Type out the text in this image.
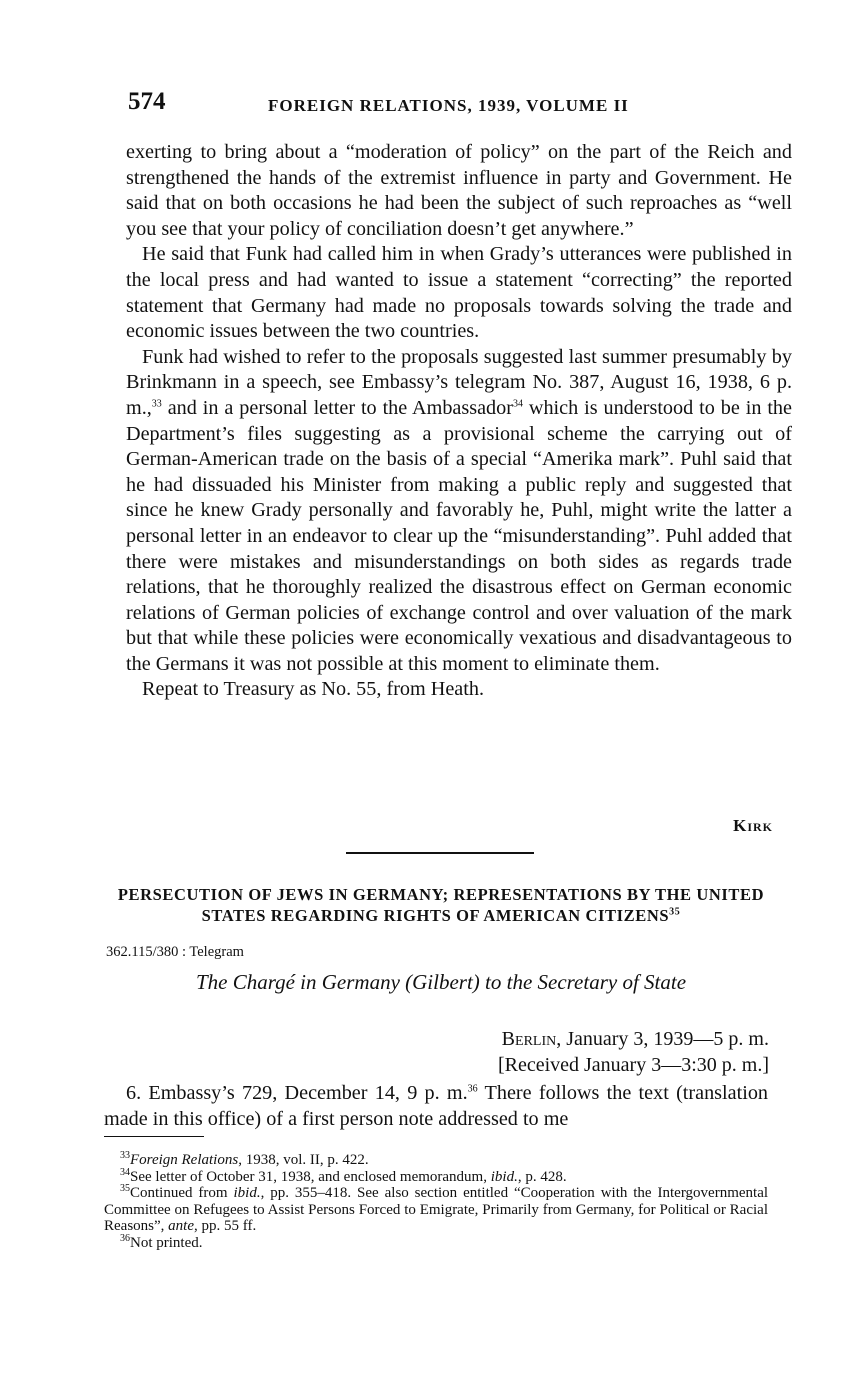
574	FOREIGN RELATIONS, 1939, VOLUME II

exerting to bring about a “moderation of policy” on the part of the Reich and strengthened the hands of the extremist influence in party and Government. He said that on both occasions he had been the subject of such reproaches as “well you see that your policy of conciliation doesn’t get anywhere.”

He said that Funk had called him in when Grady’s utterances were published in the local press and had wanted to issue a statement “correcting” the reported statement that Germany had made no proposals towards solving the trade and economic issues between the two countries.

Funk had wished to refer to the proposals suggested last summer presumably by Brinkmann in a speech, see Embassy’s telegram No. 387, August 16, 1938, 6 p. m.,$^{33}$ and in a personal letter to the Ambassador$^{34}$ which is understood to be in the Department’s files suggesting as a provisional scheme the carrying out of German-American trade on the basis of a special “Amerika mark”. Puhl said that he had dissuaded his Minister from making a public reply and suggested that since he knew Grady personally and favorably he, Puhl, might write the latter a personal letter in an endeavor to clear up the “misunderstanding”. Puhl added that there were mistakes and misunderstandings on both sides as regards trade relations, that he thoroughly realized the disastrous effect on German economic relations of German policies of exchange control and over valuation of the mark but that while these policies were economically vexatious and disadvantageous to the Germans it was not possible at this moment to eliminate them.

Repeat to Treasury as No. 55, from Heath.

Kirk
PERSECUTION OF JEWS IN GERMANY; REPRESENTATIONS BY THE UNITED STATES REGARDING RIGHTS OF AMERICAN CITIZENS$^{35}$
362.115/380 : Telegram
The Chargé in Germany (Gilbert) to the Secretary of State
Berlin, January 3, 1939—5 p. m.
[Received January 3—3:30 p. m.]

6. Embassy’s 729, December 14, 9 p. m.$^{36}$ There follows the text (translation made in this office) of a first person note addressed to me

$^{33}$Foreign Relations, 1938, vol. II, p. 422.

$^{34}$See letter of October 31, 1938, and enclosed memorandum, ibid., p. 428.

$^{35}$Continued from ibid., pp. 355–418. See also section entitled “Cooperation with the Intergovernmental Committee on Refugees to Assist Persons Forced to Emigrate, Primarily from Germany, for Political or Racial Reasons”, ante, pp. 55 ff.

$^{36}$Not printed.
